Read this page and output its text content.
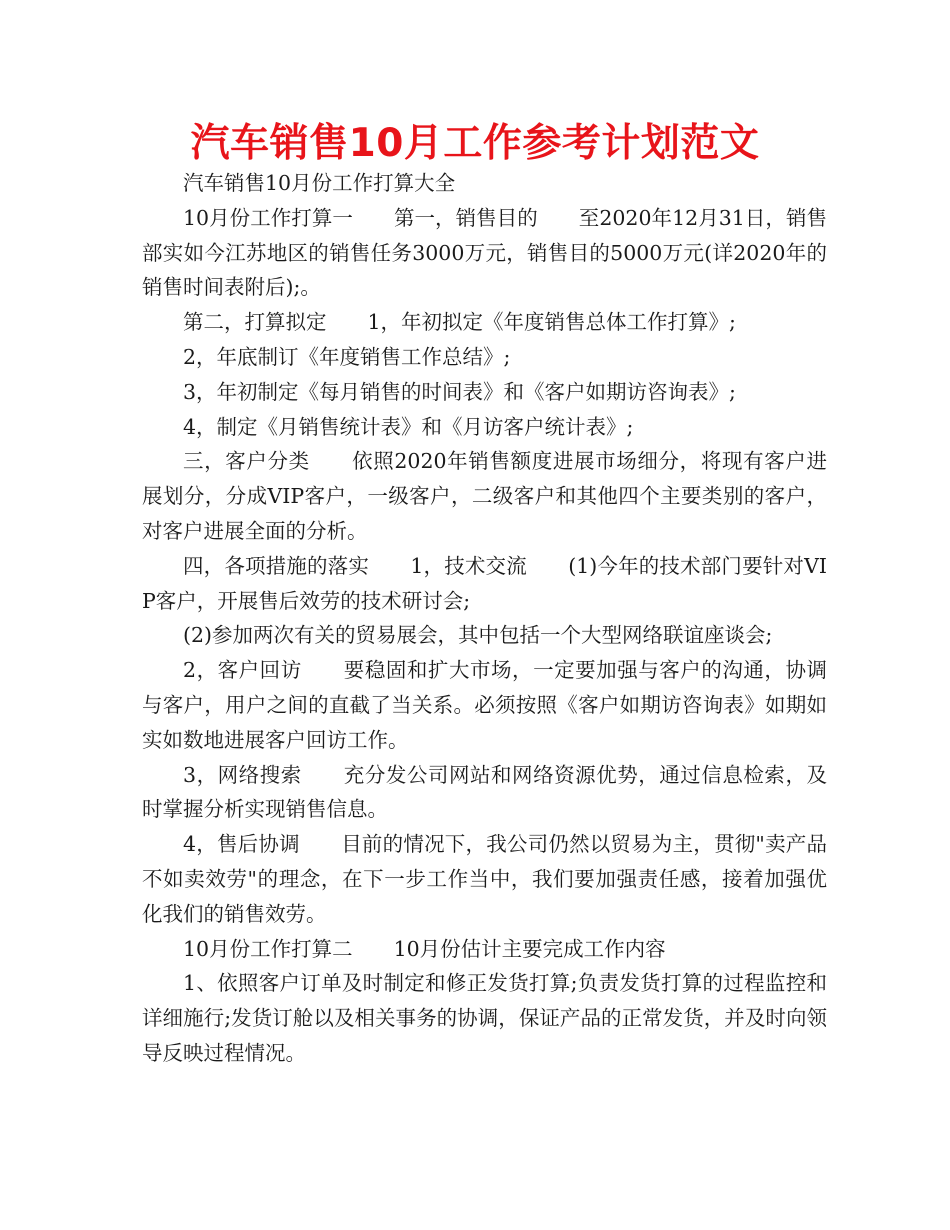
汽车销售10月工作参考计划范文

汽车销售10月份工作打算大全

10月份工作打算一　　第一，销售目的　　至2020年12月31日，销售部实如今江苏地区的销售任务3000万元，销售目的5000万元(详2020年的销售时间表附后);。

第二，打算拟定　　1，年初拟定《年度销售总体工作打算》;

2，年底制订《年度销售工作总结》;

3，年初制定《每月销售的时间表》和《客户如期访咨询表》;

4，制定《月销售统计表》和《月访客户统计表》;

三，客户分类　　依照2020年销售额度进展市场细分，将现有客户进展划分，分成VIP客户，一级客户，二级客户和其他四个主要类别的客户，对客户进展全面的分析。

四，各项措施的落实　　1，技术交流　　(1)今年的技术部门要针对VIP客户，开展售后效劳的技术研讨会;

(2)参加两次有关的贸易展会，其中包括一个大型网络联谊座谈会;

2，客户回访　　要稳固和扩大市场，一定要加强与客户的沟通，协调与客户，用户之间的直截了当关系。必须按照《客户如期访咨询表》如期如实如数地进展客户回访工作。

3，网络搜索　　充分发公司网站和网络资源优势，通过信息检索，及时掌握分析实现销售信息。

4，售后协调　　目前的情况下，我公司仍然以贸易为主，贯彻"卖产品不如卖效劳"的理念，在下一步工作当中，我们要加强责任感，接着加强优化我们的销售效劳。

10月份工作打算二　　10月份估计主要完成工作内容

1、依照客户订单及时制定和修正发货打算;负责发货打算的过程监控和详细施行;发货订舱以及相关事务的协调，保证产品的正常发货，并及时向领导反映过程情况。
